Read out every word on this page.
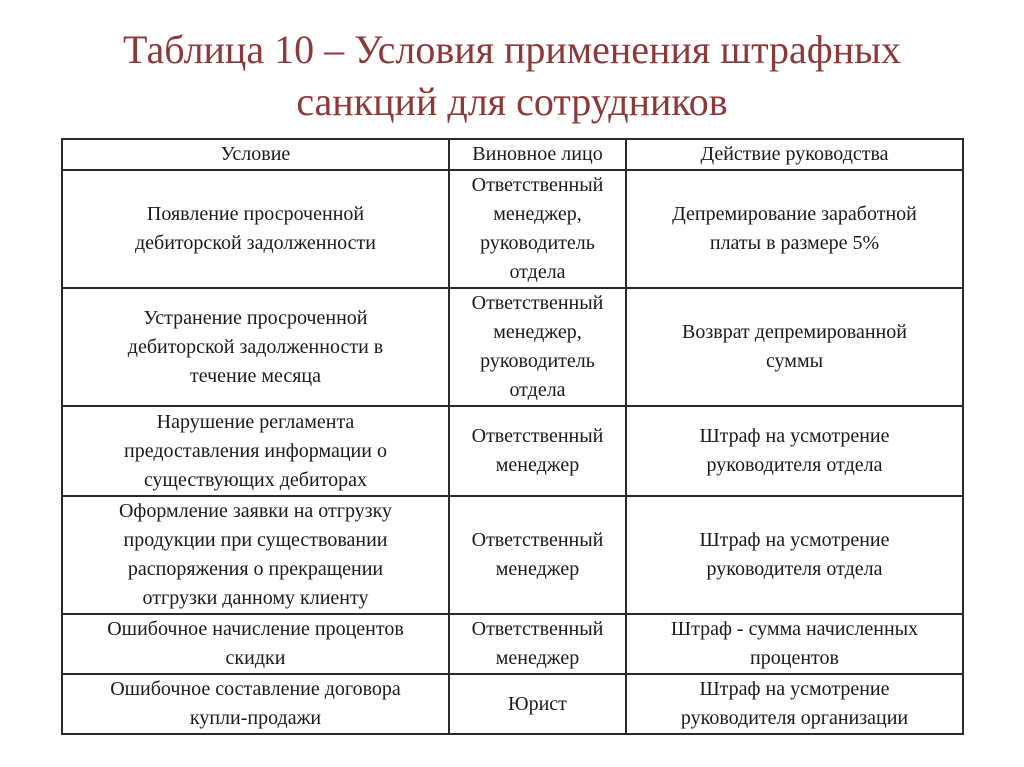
Таблица 10 – Условия применения штрафных
санкций для сотрудников
Условие	Виновное лицо	Действие руководства

Появление просроченной
дебиторской задолженности	Ответственный
менеджер,
руководитель
отдела	Депремирование заработной
платы в размере 5%

Устранение просроченной
дебиторской задолженности в
течение месяца	Ответственный
менеджер,
руководитель
отдела	Возврат депремированной
суммы

Нарушение регламента
предоставления информации о
существующих дебиторах	Ответственный
менеджер	Штраф на усмотрение
руководителя отдела

Оформление заявки на отгрузку
продукции при существовании
распоряжения о прекращении
отгрузки данному клиенту	Ответственный
менеджер	Штраф на усмотрение
руководителя отдела

Ошибочное начисление процентов
скидки	Ответственный
менеджер	Штраф - сумма начисленных
процентов

Ошибочное составление договора
купли-продажи	Юрист	Штраф на усмотрение
руководителя организации
